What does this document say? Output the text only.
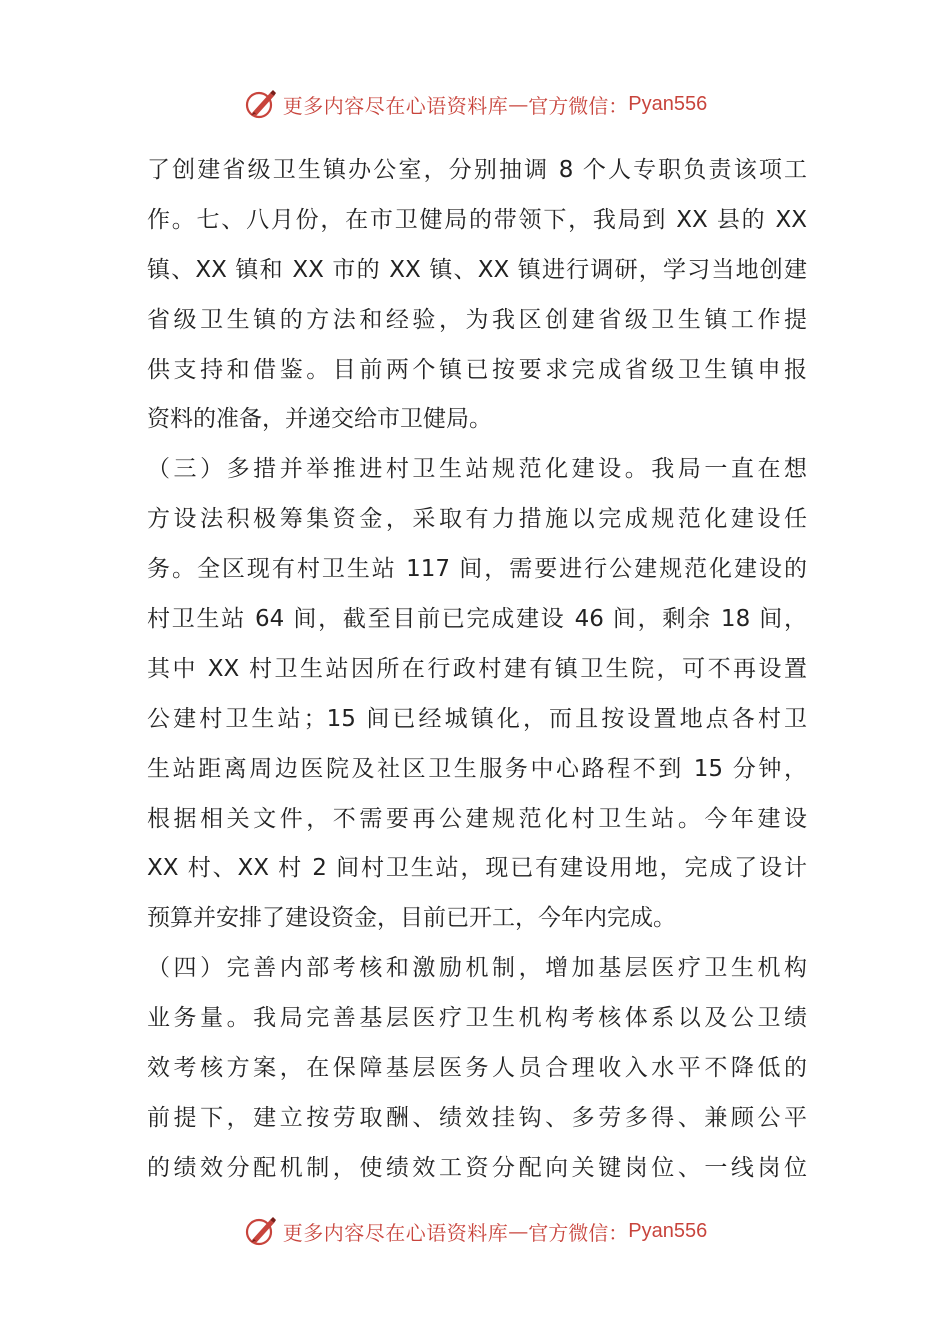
更多内容尽在心语资料库 — 官方微信： Pyan556
了创建省级卫生镇办公室，分别抽调 8 个人专职负责该项工
作。七、八月份，在市卫健局的带领下，我局到 XX 县的 XX
镇、XX 镇和 XX 市的 XX 镇、XX 镇进行调研，学习当地创建
省级卫生镇的方法和经验，为我区创建省级卫生镇工作提
供支持和借鉴。目前两个镇已按要求完成省级卫生镇申报
资料的准备，并递交给市卫健局。
（三）多措并举推进村卫生站规范化建设。我局一直在想
方设法积极筹集资金，采取有力措施以完成规范化建设任
务。全区现有村卫生站 117 间，需要进行公建规范化建设的
村卫生站 64 间，截至目前已完成建设 46 间，剩余 18 间，
其中 XX 村卫生站因所在行政村建有镇卫生院，可不再设置
公建村卫生站；15 间已经城镇化，而且按设置地点各村卫
生站距离周边医院及社区卫生服务中心路程不到 15 分钟，
根据相关文件，不需要再公建规范化村卫生站。今年建设
XX 村、XX 村 2 间村卫生站，现已有建设用地，完成了设计
预算并安排了建设资金，目前已开工，今年内完成。
（四）完善内部考核和激励机制，增加基层医疗卫生机构
业务量。我局完善基层医疗卫生机构考核体系以及公卫绩
效考核方案，在保障基层医务人员合理收入水平不降低的
前提下，建立按劳取酬、绩效挂钩、多劳多得、兼顾公平
的绩效分配机制，使绩效工资分配向关键岗位、一线岗位
更多内容尽在心语资料库 — 官方微信： Pyan556
